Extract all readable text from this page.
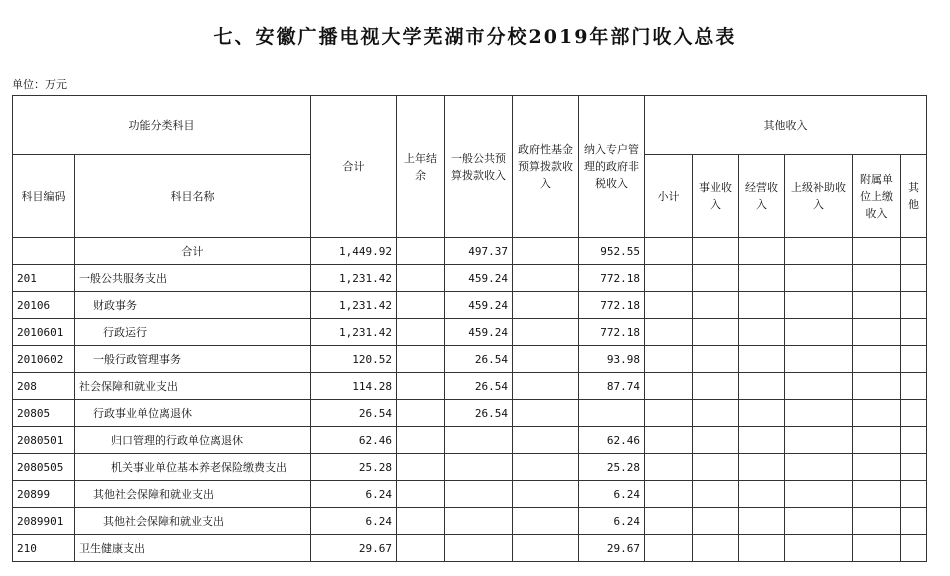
七、安徽广播电视大学芜湖市分校2019年部门收入总表
单位：万元
功能分类科目		合计	上年结余	一般公共预算拨款收入	政府性基金预算拨款收入	纳入专户管理的政府非税收入	其他收入					
科目编码	科目名称						小计	事业收入	经营收入	上级补助收入	附属单位上缴收入	其他
	合计	1,449.92		497.37		952.55						
201	一般公共服务支出	1,231.42		459.24		772.18						
20106	财政事务	1,231.42		459.24		772.18						
2010601	行政运行	1,231.42		459.24		772.18						
2010602	一般行政管理事务	120.52		26.54		93.98						
208	社会保障和就业支出	114.28		26.54		87.74						
20805	行政事业单位离退休	26.54		26.54								
2080501	归口管理的行政单位离退休	62.46				62.46						
2080505	机关事业单位基本养老保险缴费支出	25.28				25.28						
20899	其他社会保障和就业支出	6.24				6.24						
2089901	其他社会保障和就业支出	6.24				6.24						
210	卫生健康支出	29.67				29.67						
